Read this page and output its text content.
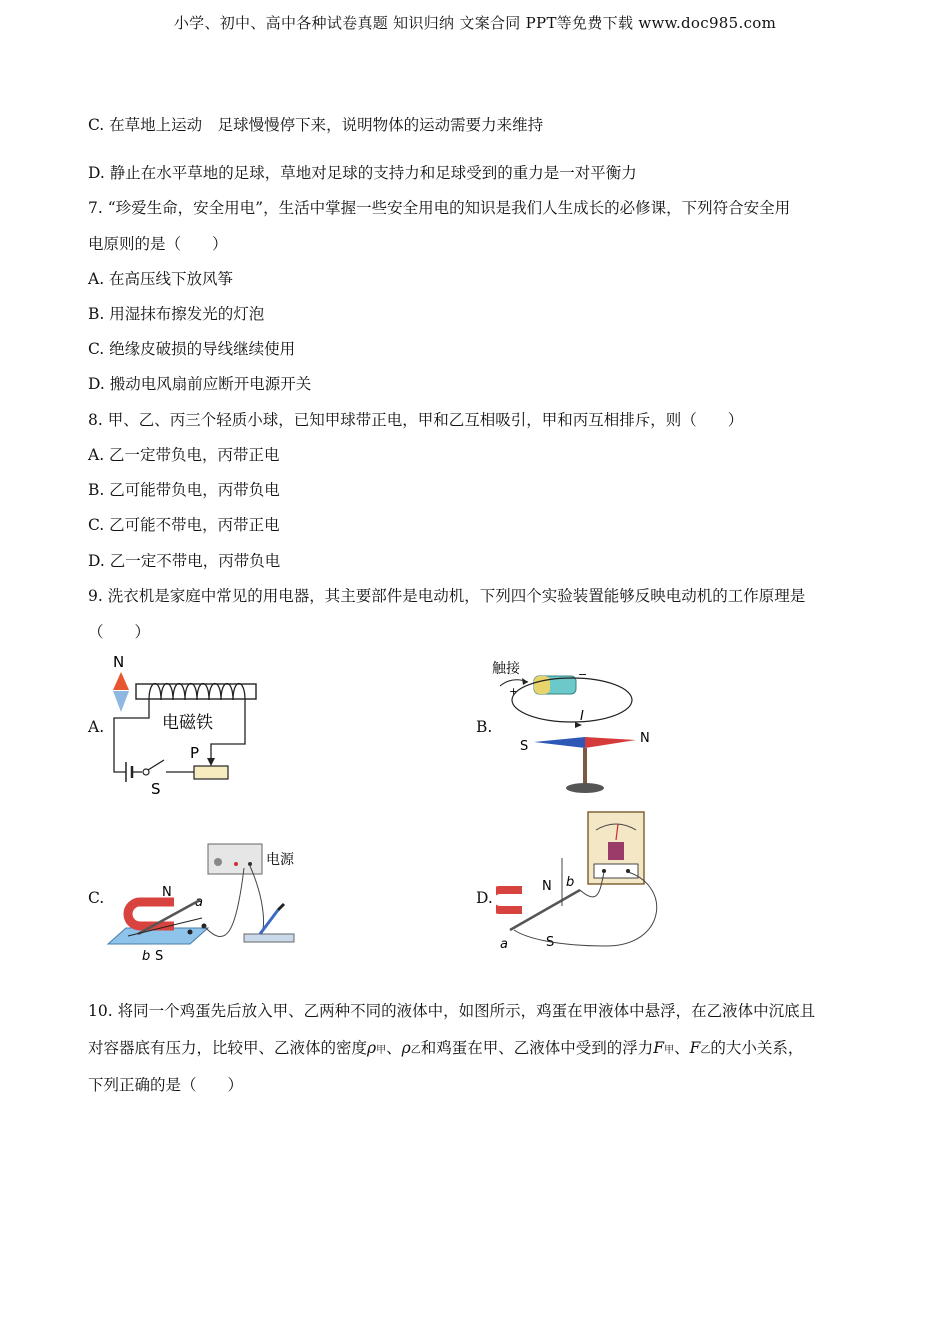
小学、初中、高中各种试卷真题 知识归纳 文案合同 PPT等免费下载 www.doc985.com
C. 在草地上运动　足球慢慢停下来，说明物体的运动需要力来维持
D. 静止在水平草地的足球，草地对足球的支持力和足球受到的重力是一对平衡力
7. “珍爱生命，安全用电”，生活中掌握一些安全用电的知识是我们人生成长的必修课，下列符合安全用
电原则的是（　　）
A. 在高压线下放风筝
B. 用湿抹布擦发光的灯泡
C. 绝缘皮破损的导线继续使用
D. 搬动电风扇前应断开电源开关
8. 甲、乙、丙三个轻质小球，已知甲球带正电，甲和乙互相吸引，甲和丙互相排斥，则（　　）
A. 乙一定带负电，丙带正电
B. 乙可能带负电，丙带负电
C. 乙可能不带电，丙带正电
D. 乙一定不带电，丙带负电
9. 洗衣机是家庭中常见的用电器，其主要部件是电动机，下列四个实验装置能够反映电动机的工作原理是
（　　）
A.	B.
C.	D.
N
电磁铁
S
P
触接
+
−
I
S
N
电源
N
a
b S
N b
a	S
10. 将同一个鸡蛋先后放入甲、乙两种不同的液体中，如图所示，鸡蛋在甲液体中悬浮，在乙液体中沉底且
对容器底有压力，比较甲、乙液体的密度ρ甲、ρ乙和鸡蛋在甲、乙液体中受到的浮力F甲、F乙的大小关系，
下列正确的是（　　）
